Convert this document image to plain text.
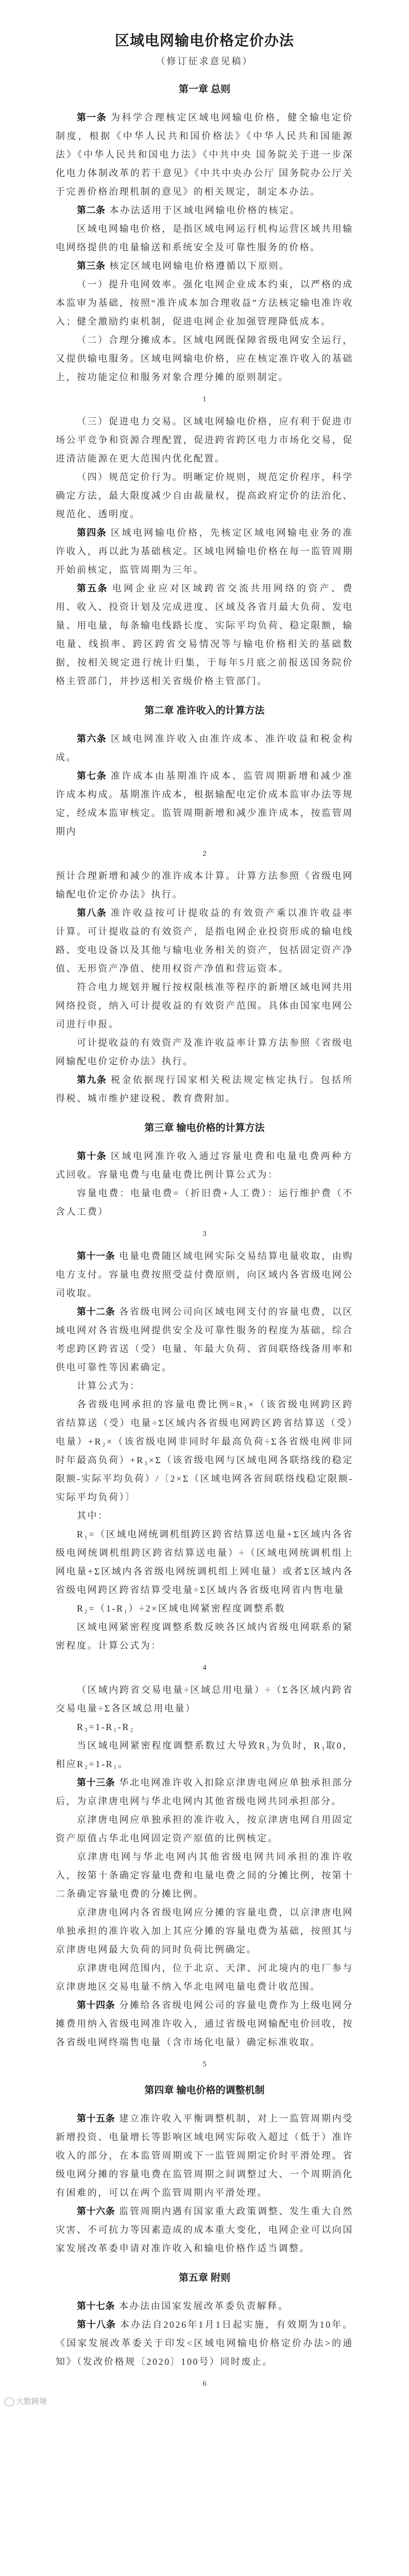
区域电网输电价格定价办法
（修订征求意见稿）
第一章 总则
第一条 为科学合理核定区域电网输电价格，健全输电定价制度，根据《中华人民共和国价格法》《中华人民共和国能源法》《中华人民共和国电力法》《中共中央 国务院关于进一步深化电力体制改革的若干意见》《中共中央办公厅 国务院办公厅关于完善价格治理机制的意见》的相关规定，制定本办法。
第二条 本办法适用于区域电网输电价格的核定。
区域电网输电价格，是指区域电网运行机构运营区域共用输电网络提供的电量输送和系统安全及可靠性服务的价格。
第三条 核定区域电网输电价格遵循以下原则。
（一）提升电网效率。强化电网企业成本约束，以严格的成本监审为基础，按照“准许成本加合理收益”方法核定输电准许收入；健全激励约束机制，促进电网企业加强管理降低成本。
（二）合理分摊成本。区域电网既保障省级电网安全运行，又提供输电服务。区域电网输电价格，应在核定准许收入的基础上，按功能定位和服务对象合理分摊的原则制定。
1
（三）促进电力交易。区域电网输电价格，应有利于促进市场公平竞争和资源合理配置，促进跨省跨区电力市场化交易，促进清洁能源在更大范围内优化配置。
（四）规范定价行为。明晰定价规则，规范定价程序，科学确定方法，最大限度减少自由裁量权，提高政府定价的法治化、规范化、透明度。
第四条 区域电网输电价格，先核定区域电网输电业务的准许收入，再以此为基础核定。区域电网输电价格在每一监管周期开始前核定，监管周期为三年。
第五条 电网企业应对区域跨省交流共用网络的资产、费用、收入、投资计划及完成进度、区域及各省月最大负荷、发电量、用电量，每条输电线路长度、实际平均负荷、稳定限额，输电量、线损率、跨区跨省交易情况等与输电价格相关的基础数据，按相关规定进行统计归集，于每年5月底之前报送国务院价格主管部门，并抄送相关省级价格主管部门。
第二章 准许收入的计算方法
第六条 区域电网准许收入由准许成本、准许收益和税金构成。
第七条 准许成本由基期准许成本、监管周期新增和减少准许成本构成。基期准许成本，根据输配电定价成本监审办法等规定，经成本监审核定。监管周期新增和减少准许成本，按监管周期内
2
预计合理新增和减少的准许成本计算。计算方法参照《省级电网输配电价定价办法》执行。
第八条 准许收益按可计提收益的有效资产乘以准许收益率计算。可计提收益的有效资产，是指电网企业投资形成的输电线路、变电设备以及其他与输电业务相关的资产，包括固定资产净值、无形资产净值、使用权资产净值和营运资本。
符合电力规划并履行按权限核准等程序的新增区域电网共用网络投资，纳入可计提收益的有效资产范围。具体由国家电网公司进行申报。
可计提收益的有效资产及准许收益率计算方法参照《省级电网输配电价定价办法》执行。
第九条 税金依据现行国家相关税法规定核定执行。包括所得税、城市维护建设税、教育费附加。
第三章 输电价格的计算方法
第十条 区域电网准许收入通过容量电费和电量电费两种方式回收。容量电费与电量电费比例计算公式为：
容量电费：电量电费=（折旧费+人工费）：运行维护费（不含人工费）
3
第十一条 电量电费随区域电网实际交易结算电量收取，由购电方支付。容量电费按照受益付费原则，向区域内各省级电网公司收取。
第十二条 各省级电网公司向区域电网支付的容量电费，以区域电网对各省级电网提供安全及可靠性服务的程度为基础，综合考虑跨区跨省送（受）电量、年最大负荷、省间联络线备用率和供电可靠性等因素确定。
计算公式为：
各省级电网承担的容量电费比例=R₁×（该省级电网跨区跨省结算送（受）电量÷Σ区域内各省级电网跨区跨省结算送（受）电量）+R₂×（该省级电网非同时年最高负荷÷Σ各省级电网非同时年最高负荷）+R₃×Σ（该省级电网与区域电网各联络线的稳定限额-实际平均负荷）/〔2×Σ（区域电网各省间联络线稳定限额-实际平均负荷）〕
其中：
R₁=（区域电网统调机组跨区跨省结算送电量+Σ区域内各省级电网统调机组跨区跨省结算送电量）÷（区域电网统调机组上网电量+Σ区域内各省级电网统调机组上网电量）或者Σ区域内各省级电网跨区跨省结算受电量÷Σ区域内各省级电网省内售电量
R₂=（1-R₁）÷2×区域电网紧密程度调整系数
区域电网紧密程度调整系数反映各区域内省级电网联系的紧密程度。计算公式为：
4
（区域内跨省交易电量÷区域总用电量）÷（Σ各区域内跨省交易电量÷Σ各区域总用电量）
R₃=1-R₁-R₂
当区域电网紧密程度调整系数过大导致R₃为负时，R₃取0，相应R₂=1-R₁。
第十三条 华北电网准许收入扣除京津唐电网应单独承担部分后，为京津唐电网与华北电网内其他省级电网共同承担部分。
京津唐电网应单独承担的准许收入，按京津唐电网自用固定资产原值占华北电网固定资产原值的比例核定。
京津唐电网与华北电网内其他省级电网共同承担的准许收入，按第十条确定容量电费和电量电费之间的分摊比例，按第十二条确定容量电费的分摊比例。
京津唐电网内各省级电网应分摊的容量电费，以京津唐电网单独承担的准许收入加上其应分摊的容量电费为基础，按照其与京津唐电网最大负荷的同时负荷比例确定。
京津唐电网范围内，位于北京、天津、河北境内的电厂参与京津唐地区交易电量不纳入华北电网电量电费计收范围。
第十四条 分摊给各省级电网公司的容量电费作为上级电网分摊费用纳入省级电网准许收入，通过省级电网输配电价回收，按各省级电网终端售电量（含市场化电量）确定标准收取。
5
第四章 输电价格的调整机制
第十五条 建立准许收入平衡调整机制，对上一监管周期内受新增投资、电量增长等影响区域电网实际收入超过（低于）准许收入的部分，在本监管周期或下一监管周期定价时平滑处理。省级电网分摊的容量电费在监管周期之间调整过大、一个周期消化有困难的，可以在两个监管周期内平滑处理。
第十六条 监管周期内遇有国家重大政策调整、发生重大自然灾害、不可抗力等因素造成的成本重大变化，电网企业可以向国家发展改革委申请对准许收入和输电价格作适当调整。
第五章 附则
第十七条 本办法由国家发展改革委负责解释。
第十八条 本办法自2026年1月1日起实施，有效期为10年。《国家发展改革委关于印发<区域电网输电价格定价办法>的通知》（发改价格规〔2020〕100号）同时废止。
6
大数跨境
